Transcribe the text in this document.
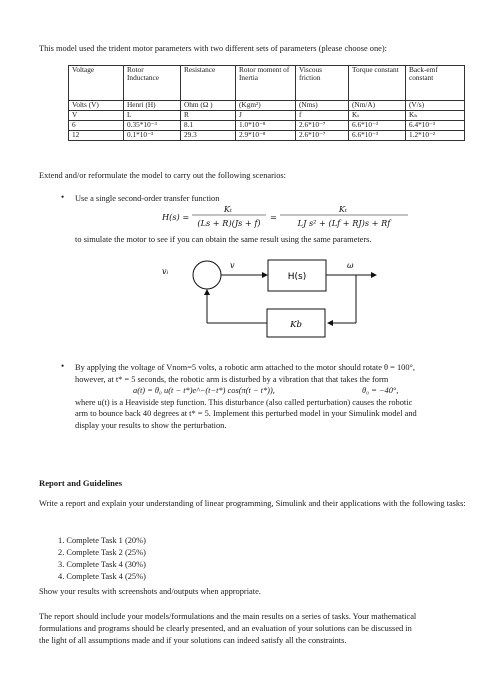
This model used the trident motor parameters with two different sets of parameters (please choose one):
Voltage	Rotor Inductance	Resistance	Rotor moment of Inertia	Viscous friction	Torque constant	Back-emf constant
Volts (V)	Henri (H)	Ohm (Ω )	(Kgm²)	(Nms)	(Nm/A)	(V/s)
V	L	R	J	f	Kₜ	Kₕ
6	0.35*10⁻³	8.1	1.0*10⁻⁸	2.6*10⁻⁷	6.6*10⁻³	6.4*10⁻³
12	0.1*10⁻³	29.3	2.9*10⁻⁸	2.6*10⁻⁷	6.6*10⁻³	1.2*10⁻²
Extend and/or reformulate the model to carry out the following scenarios:
• Use a single second-order transfer function
H(s) =
Kₜ
(Ls + R)(Js + f)
=
Kₜ
LJ s² + (Lf + RJ)s + Rf
to simulate the motor to see if you can obtain the same result using the same parameters.
vᵢ
v
H(s)
ω
Kb
• By applying the voltage of Vnom=5 volts, a robotic arm attached to the motor should rotate θ = 100°,

however, at t* = 5 seconds, the robotic arm is disturbed by a vibration that that takes the form

a(t) = θ₀ u(t − t*)e^−(t−t*) cos(π(t − t*)),	θ₀ = −40°,

where u(t) is a Heaviside step function. This disturbance (also called perturbation) causes the robotic

arm to bounce back 40 degrees at t* = 5. Implement this perturbed model in your Simulink model and

display your results to show the perturbation.

Report and Guidelines
Write a report and explain your understanding of linear programming, Simulink and their applications with the following tasks:
1. Complete Task 1 (20%)
2. Complete Task 2 (25%)
3. Complete Task 4 (30%)
4. Complete Task 4 (25%)
Show your results with screenshots and/outputs when appropriate.
The report should include your models/formulations and the main results on a series of tasks. Your mathematical
formulations and programs should be clearly presented, and an evaluation of your solutions can be discussed in
the light of all assumptions made and if your solutions can indeed satisfy all the constraints.
